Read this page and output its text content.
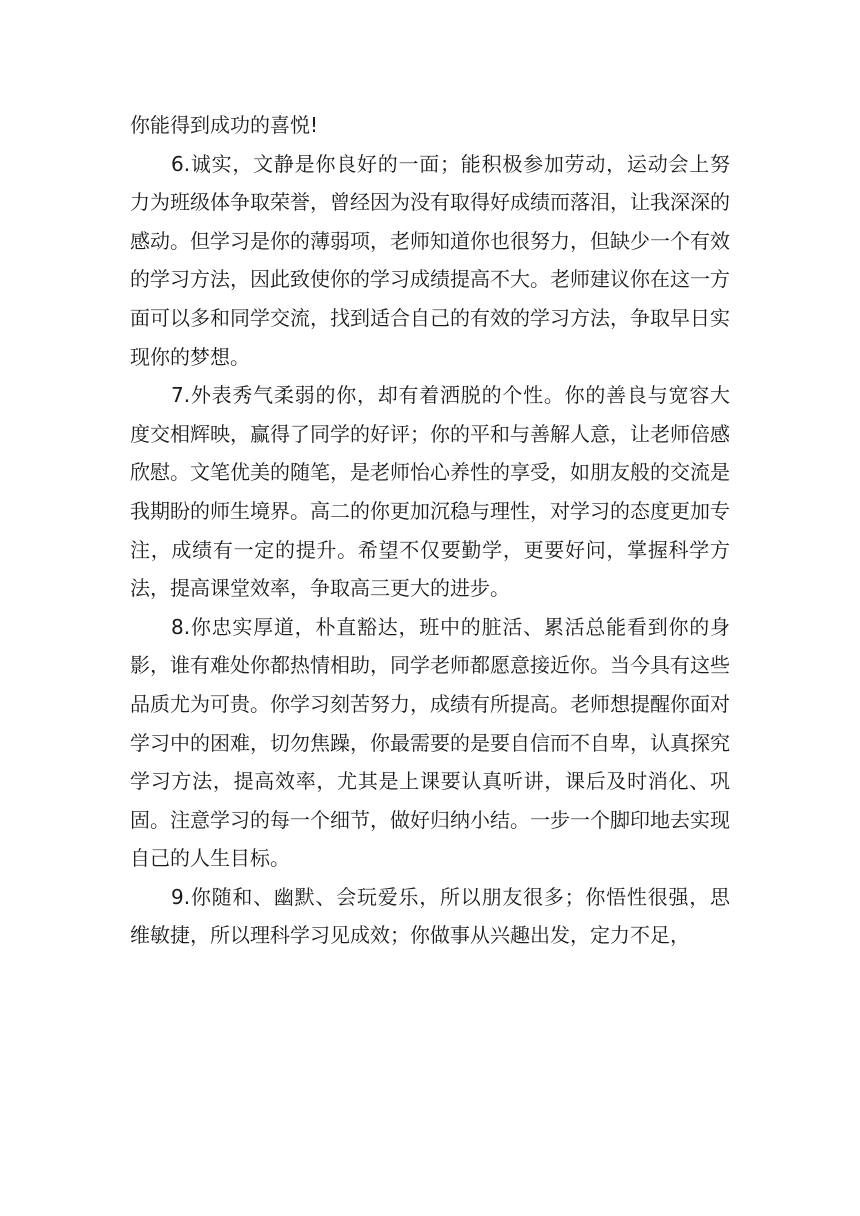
你能得到成功的喜悦!

6.诚实，文静是你良好的一面；能积极参加劳动，运动会上努力为班级体争取荣誉，曾经因为没有取得好成绩而落泪，让我深深的感动。但学习是你的薄弱项，老师知道你也很努力，但缺少一个有效的学习方法，因此致使你的学习成绩提高不大。老师建议你在这一方面可以多和同学交流，找到适合自己的有效的学习方法，争取早日实现你的梦想。

7.外表秀气柔弱的你，却有着洒脱的个性。你的善良与宽容大度交相辉映，赢得了同学的好评；你的平和与善解人意，让老师倍感欣慰。文笔优美的随笔，是老师怡心养性的享受，如朋友般的交流是我期盼的师生境界。高二的你更加沉稳与理性，对学习的态度更加专注，成绩有一定的提升。希望不仅要勤学，更要好问，掌握科学方法，提高课堂效率，争取高三更大的进步。

8.你忠实厚道，朴直豁达，班中的脏活、累活总能看到你的身影，谁有难处你都热情相助，同学老师都愿意接近你。当今具有这些品质尤为可贵。你学习刻苦努力，成绩有所提高。老师想提醒你面对学习中的困难，切勿焦躁，你最需要的是要自信而不自卑，认真探究学习方法，提高效率，尤其是上课要认真听讲，课后及时消化、巩固。注意学习的每一个细节，做好归纳小结。一步一个脚印地去实现自己的人生目标。

9.你随和、幽默、会玩爱乐，所以朋友很多；你悟性很强，思维敏捷，所以理科学习见成效；你做事从兴趣出发，定力不足，
